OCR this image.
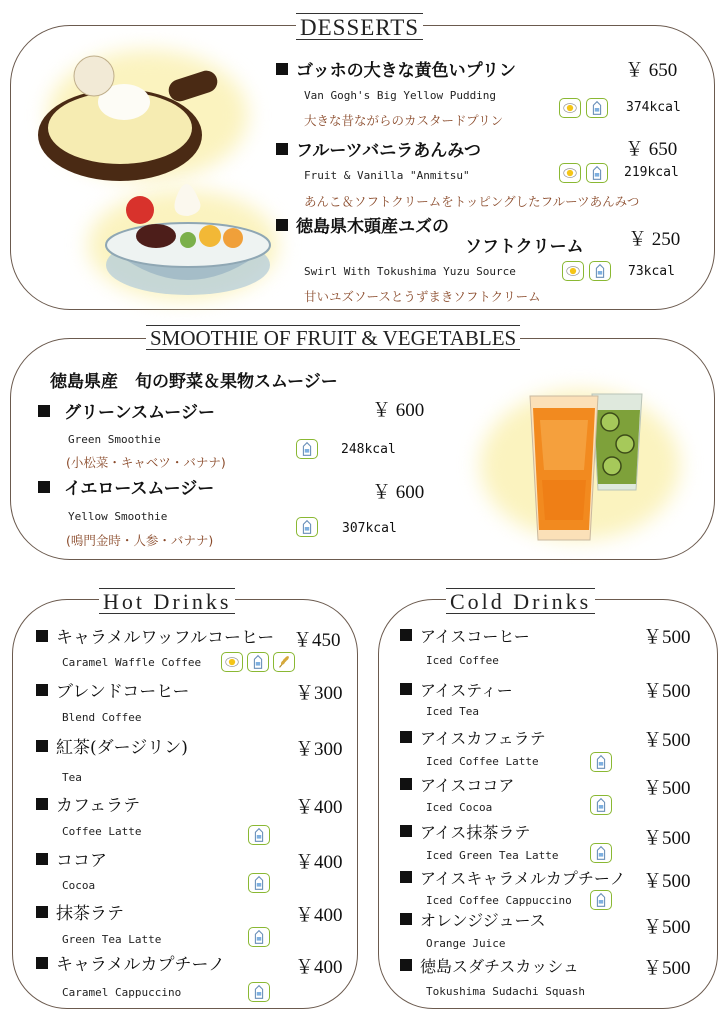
DESSERTS
ゴッホの大きな黄色いプリン	￥ 650
Van Gogh's Big Yellow Pudding
大きな昔ながらのカスタードプリン
374kcal
フルーツバニラあんみつ	￥ 650
Fruit & Vanilla "Anmitsu"	219kcal
あんこ＆ソフトクリームをトッピングしたフルーツあんみつ
徳島県木頭産ユズの
ソフトクリーム ￥ 250
Swirl With Tokushima Yuzu Source	73kcal
甘いユズソースとうずまきソフトクリーム
SMOOTHIE OF FRUIT & VEGETABLES
徳島県産　旬の野菜＆果物スムージー
グリーンスムージー	￥ 600
Green Smoothie
(小松菜・キャベツ・バナナ)
248kcal
イエロースムージー	￥ 600
Yellow Smoothie
(鳴門金時・人参・バナナ)
307kcal
Hot Drinks
キャラメルワッフルコーヒー ￥450
Caramel Waffle Coffee
ブレンドコーヒー	￥300
Blend Coffee
紅茶(ダージリン)	￥300
Tea
カフェラテ	￥400
Coffee Latte
ココア	￥400
Cocoa
抹茶ラテ	￥400
Green Tea Latte
キャラメルカプチーノ	￥400
Caramel Cappuccino
Cold Drinks
アイスコーヒー	￥500
Iced Coffee
アイスティー	￥500
Iced Tea
アイスカフェラテ	￥500
Iced Coffee Latte
アイスココア	￥500
Iced Cocoa
アイス抹茶ラテ	￥500
Iced Green Tea Latte
アイスキャラメルカプチーノ ￥500
Iced Coffee Cappuccino
オレンジジュース	￥500
Orange Juice
徳島スダチスカッシュ	￥500
Tokushima Sudachi Squash
